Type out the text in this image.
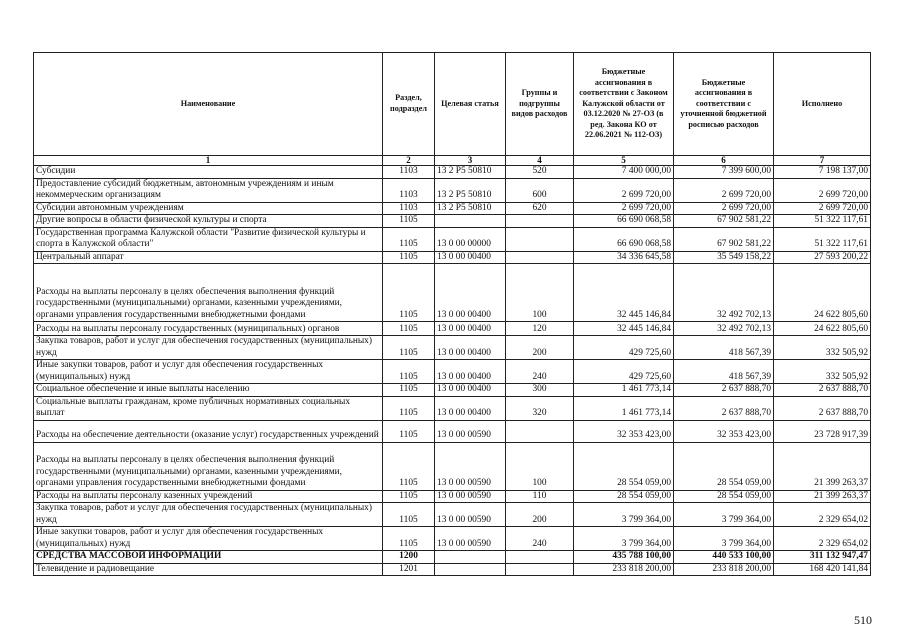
Наименование	Раздел, подраздел	Целевая статья	Группы и подгруппы видов расходов	Бюджетные ассигнования в соответствии с Законом Калужской области от 03.12.2020 № 27-ОЗ (в ред. Закона КО от 22.06.2021 № 112-ОЗ)	Бюджетные ассигнования в соответствии с уточненной бюджетной росписью расходов	Исполнено
1	2	3	4	5	6	7
Субсидии	1103	13 2 P5 50810	520	7 400 000,00	7 399 600,00	7 198 137,00
Предоставление субсидий бюджетным, автономным учреждениям и иным некоммерческим организациям	1103	13 2 P5 50810	600	2 699 720,00	2 699 720,00	2 699 720,00
Субсидии автономным учреждениям	1103	13 2 P5 50810	620	2 699 720,00	2 699 720,00	2 699 720,00
Другие вопросы в области физической культуры и спорта	1105			66 690 068,58	67 902 581,22	51 322 117,61
Государственная программа Калужской области "Развитие физической культуры и спорта в Калужской области"	1105	13 0 00 00000		66 690 068,58	67 902 581,22	51 322 117,61
Центральный аппарат	1105	13 0 00 00400		34 336 645,58	35 549 158,22	27 593 200,22
Расходы на выплаты персоналу в целях обеспечения выполнения функций государственными (муниципальными) органами, казенными учреждениями, органами управления государственными внебюджетными фондами	1105	13 0 00 00400	100	32 445 146,84	32 492 702,13	24 622 805,60
Расходы на выплаты персоналу государственных (муниципальных) органов	1105	13 0 00 00400	120	32 445 146,84	32 492 702,13	24 622 805,60
Закупка товаров, работ и услуг для обеспечения государственных (муниципальных) нужд	1105	13 0 00 00400	200	429 725,60	418 567,39	332 505,92
Иные закупки товаров, работ и услуг для обеспечения государственных (муниципальных) нужд	1105	13 0 00 00400	240	429 725,60	418 567,39	332 505,92
Социальное обеспечение и иные выплаты населению	1105	13 0 00 00400	300	1 461 773,14	2 637 888,70	2 637 888,70
Социальные выплаты гражданам, кроме публичных нормативных социальных выплат	1105	13 0 00 00400	320	1 461 773,14	2 637 888,70	2 637 888,70
Расходы на обеспечение деятельности (оказание услуг) государственных учреждений	1105	13 0 00 00590		32 353 423,00	32 353 423,00	23 728 917,39
Расходы на выплаты персоналу в целях обеспечения выполнения функций государственными (муниципальными) органами, казенными учреждениями, органами управления государственными внебюджетными фондами	1105	13 0 00 00590	100	28 554 059,00	28 554 059,00	21 399 263,37
Расходы на выплаты персоналу казенных учреждений	1105	13 0 00 00590	110	28 554 059,00	28 554 059,00	21 399 263,37
Закупка товаров, работ и услуг для обеспечения государственных (муниципальных) нужд	1105	13 0 00 00590	200	3 799 364,00	3 799 364,00	2 329 654,02
Иные закупки товаров, работ и услуг для обеспечения государственных (муниципальных) нужд	1105	13 0 00 00590	240	3 799 364,00	3 799 364,00	2 329 654,02
СРЕДСТВА МАССОВОЙ ИНФОРМАЦИИ	1200			435 788 100,00	440 533 100,00	311 132 947,47
Телевидение и радиовещание	1201			233 818 200,00	233 818 200,00	168 420 141,84
510
